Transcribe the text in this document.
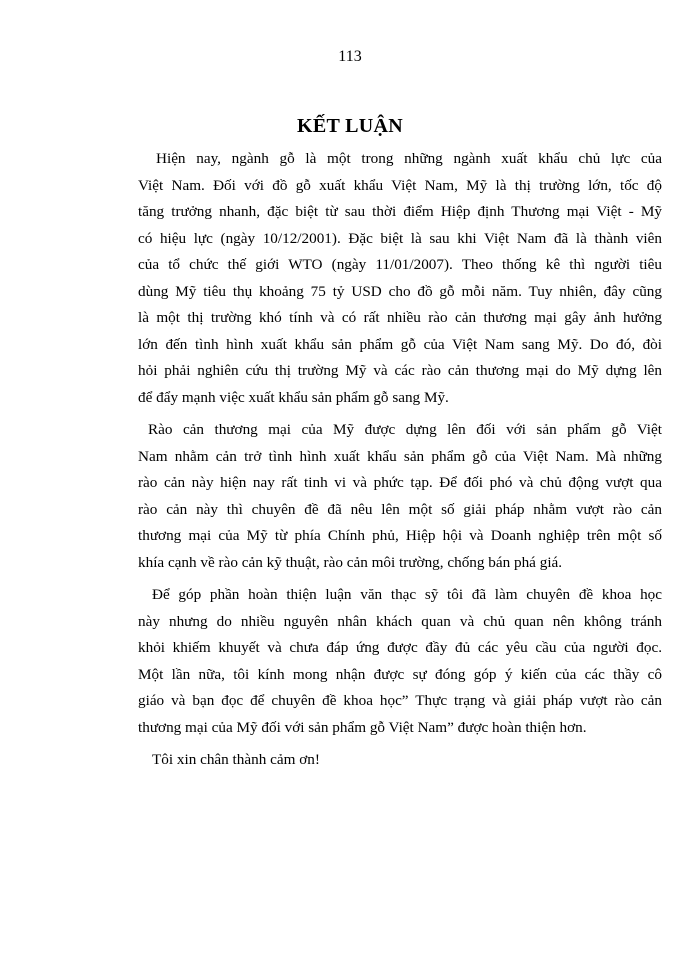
113
KẾT LUẬN

Hiện nay, ngành gỗ là một trong những ngành xuất khẩu chủ lực của
Việt Nam. Đối với đồ gỗ xuất khẩu Việt Nam, Mỹ là thị trường lớn, tốc độ
tăng trưởng nhanh, đặc biệt từ sau thời điểm Hiệp định Thương mại Việt - Mỹ
có hiệu lực (ngày 10/12/2001). Đặc biệt là sau khi Việt Nam đã là thành viên
của tổ chức thế giới WTO (ngày 11/01/2007). Theo thống kê thì người tiêu
dùng Mỹ tiêu thụ khoảng 75 tỷ USD cho đồ gỗ mỗi năm. Tuy nhiên, đây cũng
là một thị trường khó tính và có rất nhiều rào cản thương mại gây ảnh hưởng
lớn đến tình hình xuất khẩu sản phẩm gỗ của Việt Nam sang Mỹ. Do đó, đòi
hỏi phải nghiên cứu thị trường Mỹ và các rào cản thương mại do Mỹ dựng lên
để đẩy mạnh việc xuất khẩu sản phẩm gỗ sang Mỹ.

Rào cản thương mại của Mỹ được dựng lên đối với sản phẩm gỗ Việt
Nam nhằm cản trở tình hình xuất khẩu sản phẩm gỗ của Việt Nam. Mà những
rào cản này hiện nay rất tinh vi và phức tạp. Để đối phó và chủ động vượt qua
rào cản này thì chuyên đề đã nêu lên một số giải pháp nhằm vượt rào cản
thương mại của Mỹ từ phía Chính phủ, Hiệp hội và Doanh nghiệp trên một số
khía cạnh về rào cản kỹ thuật, rào cản môi trường, chống bán phá giá.

Để góp phần hoàn thiện luận văn thạc sỹ tôi đã làm chuyên đề khoa học
này nhưng do nhiều nguyên nhân khách quan và chủ quan nên không tránh
khỏi khiếm khuyết và chưa đáp ứng được đầy đủ các yêu cầu của người đọc.
Một lần nữa, tôi kính mong nhận được sự đóng góp ý kiến của các thầy cô
giáo và bạn đọc để chuyên đề khoa học” Thực trạng và giải pháp vượt rào cản
thương mại của Mỹ đối với sản phẩm gỗ Việt Nam” được hoàn thiện hơn.

Tôi xin chân thành cảm ơn!
